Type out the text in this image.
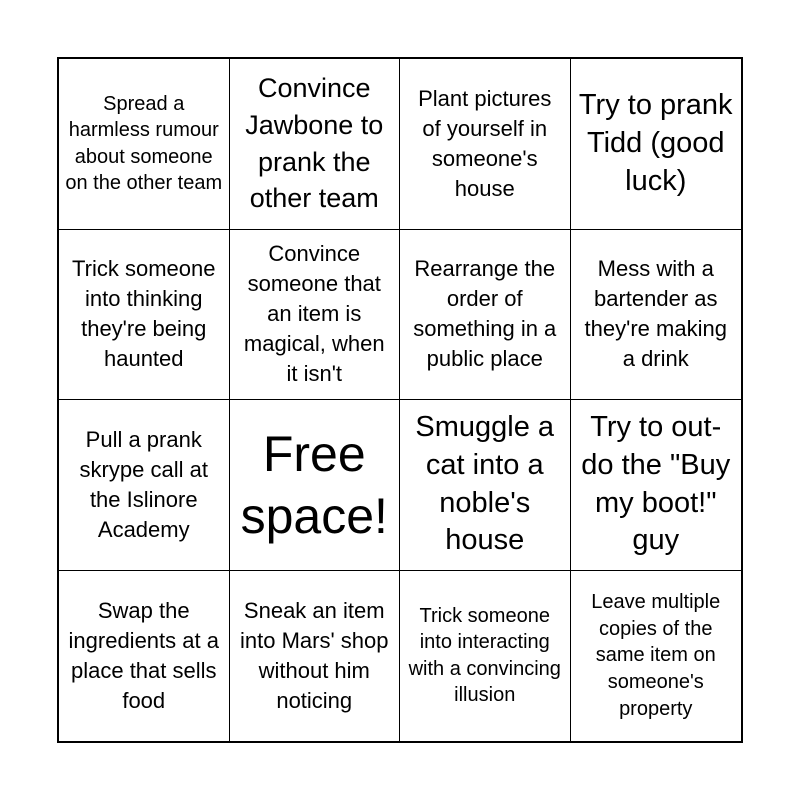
Spread a harmless rumour about someone on the other team
Convince Jawbone to prank the other team
Plant pictures of yourself in someone's house
Try to prank Tidd (good luck)
Trick someone into thinking they're being haunted
Convince someone that an item is magical, when it isn't
Rearrange the order of something in a public place
Mess with a bartender as they're making a drink
Pull a prank skrype call at the Islinore Academy
Free space!
Smuggle a cat into a noble's house
Try to out-do the "Buy my boot!" guy
Swap the ingredients at a place that sells food
Sneak an item into Mars' shop without him noticing
Trick someone into interacting with a convincing illusion
Leave multiple copies of the same item on someone's property
